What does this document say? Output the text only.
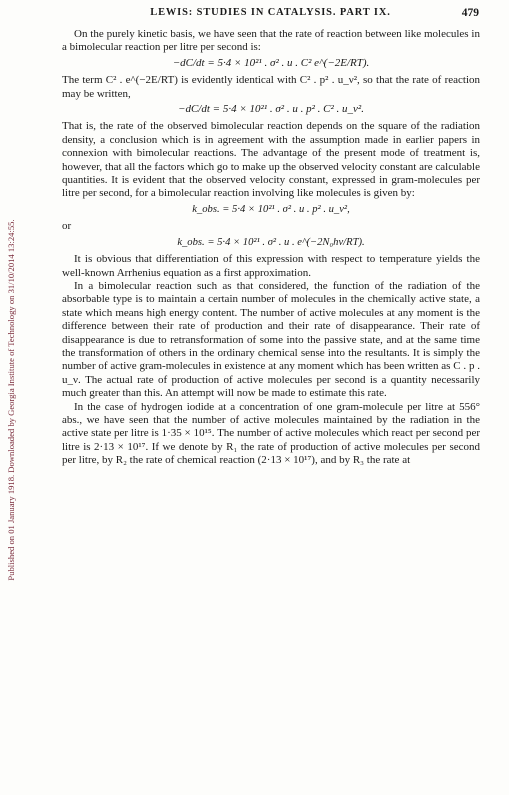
Published on 01 January 1918. Downloaded by Georgia Institute of Technology on 31/10/2014 13:24:55.
LEWIS: STUDIES IN CATALYSIS. PART IX.	479

On the purely kinetic basis, we have seen that the rate of reaction between like molecules in a bimolecular reaction per litre per second is:

−dC/dt = 5·4 × 10²¹ . σ² . u . C² e^(−2E/RT).

The term C² . e^(−2E/RT) is evidently identical with C² . p² . u_ν², so that the rate of reaction may be written,

−dC/dt = 5·4 × 10²¹ . σ² . u . p² . C² . u_ν².

That is, the rate of the observed bimolecular reaction depends on the square of the radiation density, a conclusion which is in agreement with the assumption made in earlier papers in connexion with bimolecular reactions. The advantage of the present mode of treatment is, however, that all the factors which go to make up the observed velocity constant are calculable quantities. It is evident that the observed velocity constant, expressed in gram-molecules per litre per second, for a bimolecular reaction involving like molecules is given by:

k_obs. = 5·4 × 10²¹ . σ² . u . p² . u_ν²,
or
k_obs. = 5·4 × 10²¹ . σ² . u . e^(−2N₀hν/RT).

It is obvious that differentiation of this expression with respect to temperature yields the well-known Arrhenius equation as a first approximation.

In a bimolecular reaction such as that considered, the function of the radiation of the absorbable type is to maintain a certain number of molecules in the chemically active state, a state which means high energy content. The number of active molecules at any moment is the difference between their rate of production and their rate of disappearance. Their rate of disappearance is due to retransformation of some into the passive state, and at the same time the transformation of others in the ordinary chemical sense into the resultants. It is simply the number of active gram-molecules in existence at any moment which has been written as C . p . u_ν. The actual rate of production of active molecules per second is a quantity necessarily much greater than this. An attempt will now be made to estimate this rate.

In the case of hydrogen iodide at a concentration of one gram-molecule per litre at 556° abs., we have seen that the number of active molecules maintained by the radiation in the active state per litre is 1·35 × 10¹⁵. The number of active molecules which react per second per litre is 2·13 × 10¹⁷. If we denote by R₁ the rate of production of active molecules per second per litre, by R₂ the rate of chemical reaction (2·13 × 10¹⁷), and by R₃ the rate at
